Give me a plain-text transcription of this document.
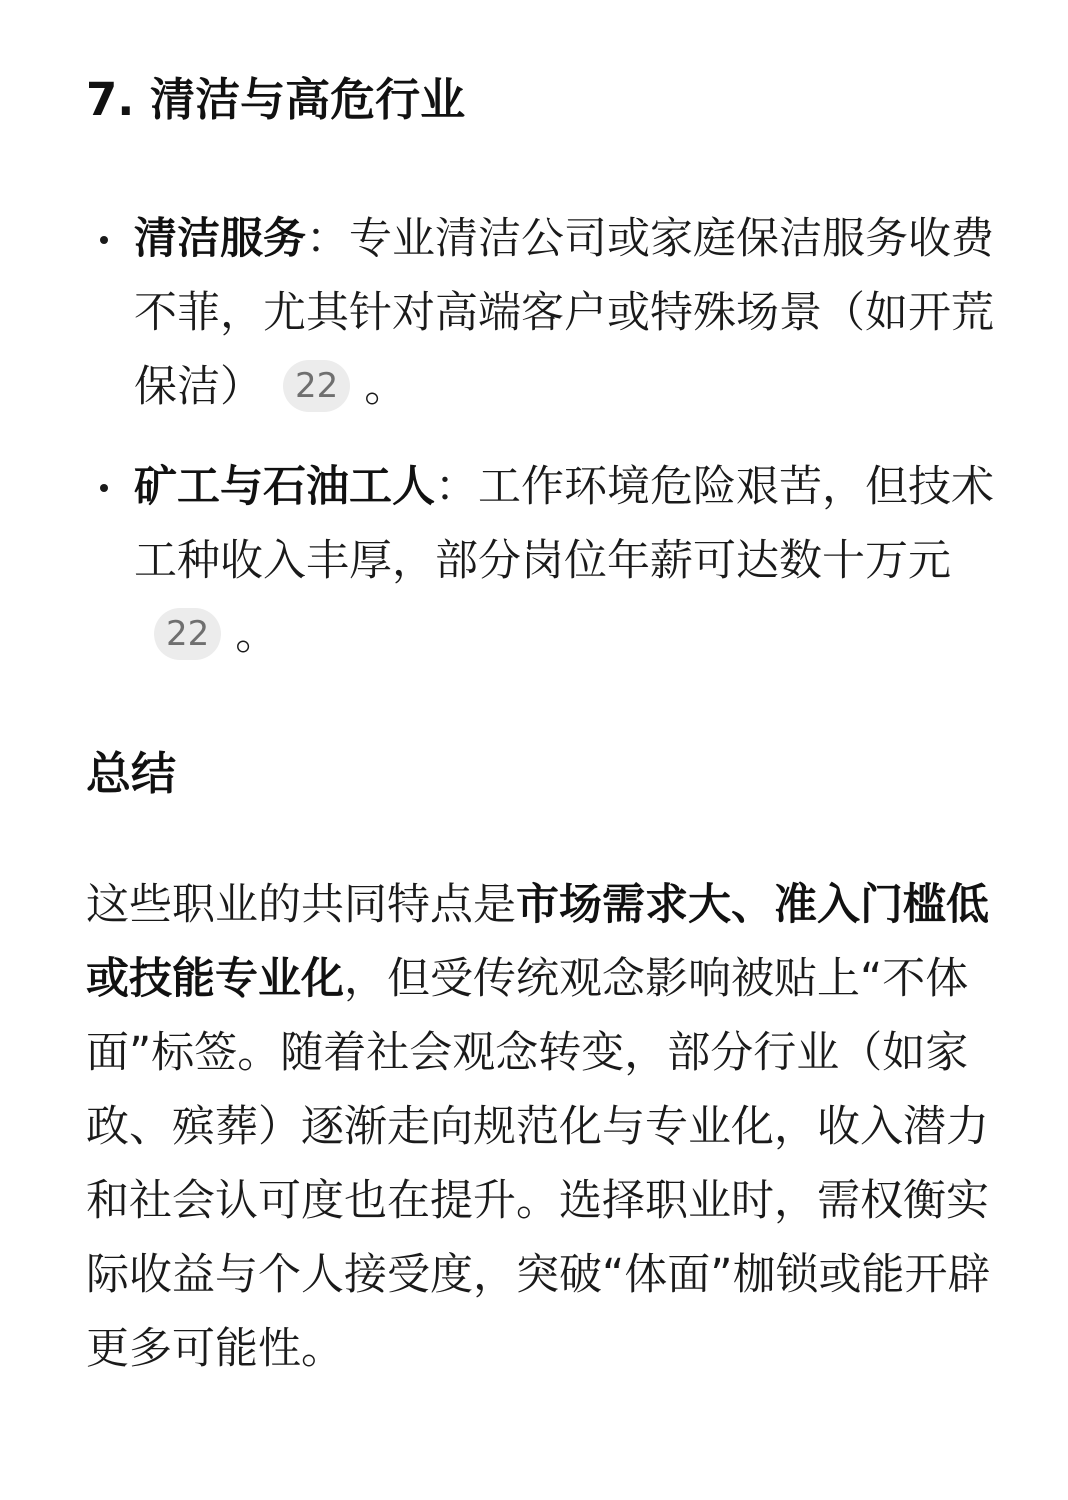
7. 清洁与高危行业
清洁服务：专业清洁公司或家庭保洁服务收费不菲，尤其针对高端客户或特殊场景（如开荒保洁） 22 。
矿工与石油工人：工作环境危险艰苦，但技术工种收入丰厚，部分岗位年薪可达数十万元22 。
总结

这些职业的共同特点是市场需求大、准入门槛低或技能专业化，但受传统观念影响被贴上“不体面”标签。随着社会观念转变，部分行业（如家政、殡葬）逐渐走向规范化与专业化，收入潜力和社会认可度也在提升。选择职业时，需权衡实际收益与个人接受度，突破“体面”枷锁或能开辟更多可能性。
